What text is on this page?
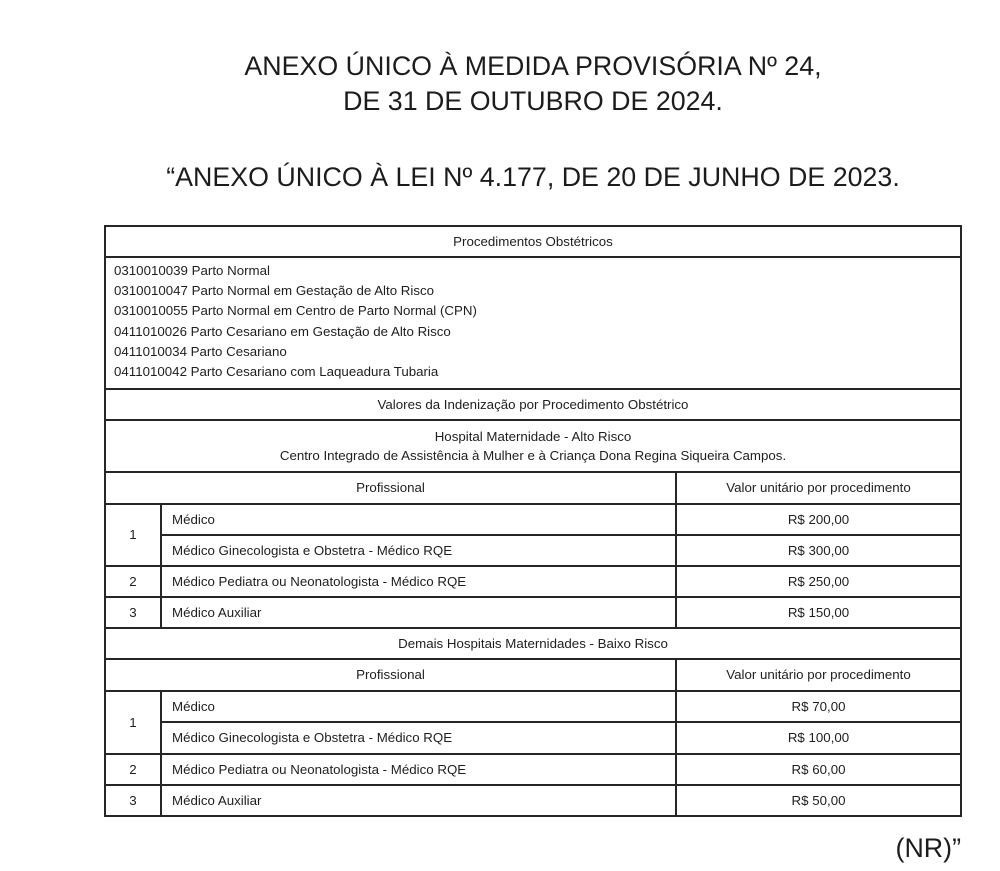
ANEXO ÚNICO À MEDIDA PROVISÓRIA Nº 24,
DE 31 DE OUTUBRO DE 2024.
“ANEXO ÚNICO À LEI Nº 4.177, DE 20 DE JUNHO DE 2023.
Procedimentos Obstétricos
0310010039 Parto Normal
0310010047 Parto Normal em Gestação de Alto Risco
0310010055 Parto Normal em Centro de Parto Normal (CPN)
0411010026 Parto Cesariano em Gestação de Alto Risco
0411010034 Parto Cesariano
0411010042 Parto Cesariano com Laqueadura Tubaria
Valores da Indenização por Procedimento Obstétrico
Hospital Maternidade - Alto Risco
Centro Integrado de Assistência à Mulher e à Criança Dona Regina Siqueira Campos.
Profissional	Valor unitário por procedimento
1
Médico	R$ 200,00
Médico Ginecologista e Obstetra - Médico RQE	R$ 300,00
2	Médico Pediatra ou Neonatologista - Médico RQE	R$ 250,00
3	Médico Auxiliar	R$ 150,00
Demais Hospitais Maternidades - Baixo Risco
Profissional	Valor unitário por procedimento
1
Médico	R$ 70,00
Médico Ginecologista e Obstetra - Médico RQE	R$ 100,00
2	Médico Pediatra ou Neonatologista - Médico RQE	R$ 60,00
3	Médico Auxiliar	R$ 50,00
(NR)”
